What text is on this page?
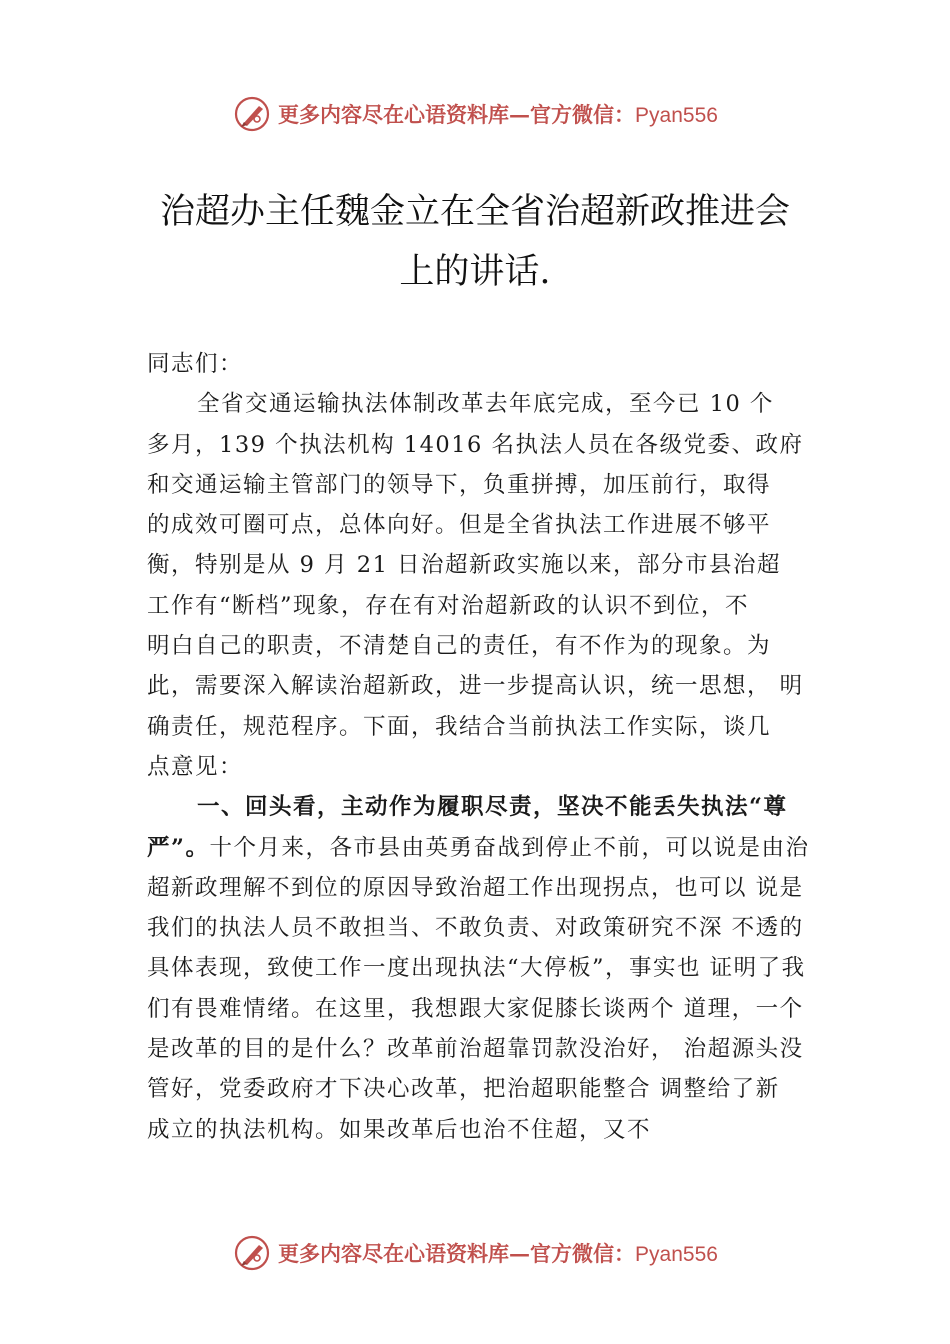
更多内容尽在心语资料库—官方微信：Pyan556
治超办主任魏金立在全省治超新政推进会
上的讲话.
同志们：
全省交通运输执法体制改革去年底完成，至今已 10 个
多月，139 个执法机构 14016 名执法人员在各级党委、政府
和交通运输主管部门的领导下，负重拼搏，加压前行，取得
的成效可圈可点，总体向好。但是全省执法工作进展不够平
衡，特别是从 9 月 21 日治超新政实施以来，部分市县治超
工作有“断档”现象，存在有对治超新政的认识不到位，不
明白自己的职责，不清楚自己的责任，有不作为的现象。为
此，需要深入解读治超新政，进一步提高认识，统一思想， 明
确责任，规范程序。下面，我结合当前执法工作实际，谈几
点意见：
一、回头看，主动作为履职尽责，坚决不能丢失执法“尊
严”。十个月来，各市县由英勇奋战到停止不前，可以说是由治
超新政理解不到位的原因导致治超工作出现拐点，也可以 说是
我们的执法人员不敢担当、不敢负责、对政策研究不深 不透的
具体表现，致使工作一度出现执法“大停板”，事实也 证明了我
们有畏难情绪。在这里，我想跟大家促膝长谈两个 道理，一个
是改革的目的是什么？改革前治超靠罚款没治好， 治超源头没
管好，党委政府才下决心改革，把治超职能整合 调整给了新
成立的执法机构。如果改革后也治不住超，又不
更多内容尽在心语资料库—官方微信：Pyan556
